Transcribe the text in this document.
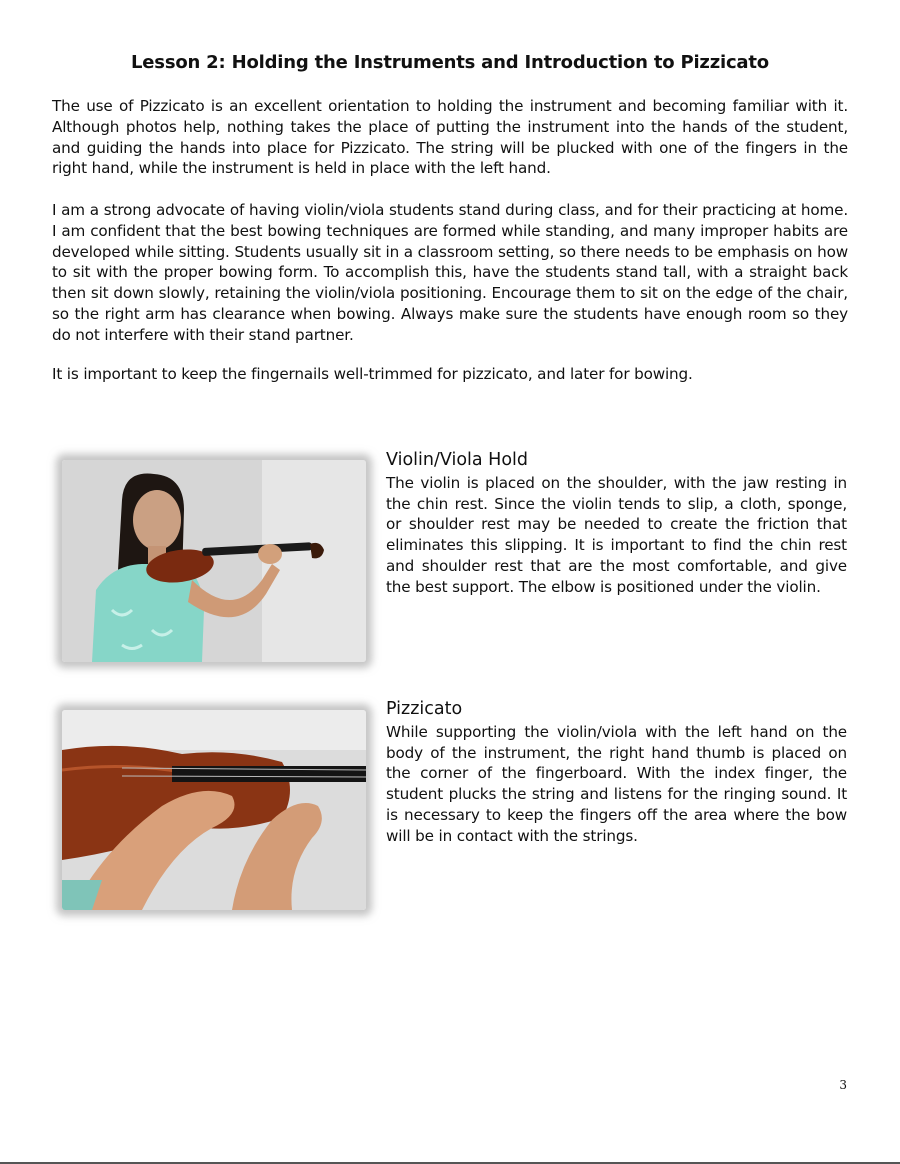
Lesson 2: Holding the Instruments and Introduction to Pizzicato

The use of Pizzicato is an excellent orientation to holding the instrument and becoming familiar with it. Although photos help, nothing takes the place of putting the instrument into the hands of the student, and guiding the hands into place for Pizzicato. The string will be plucked with one of the fingers in the right hand, while the instrument is held in place with the left hand.

I am a strong advocate of having violin/viola students stand during class, and for their practicing at home. I am confident that the best bowing techniques are formed while standing, and many improper habits are developed while sitting. Students usually sit in a classroom setting, so there needs to be emphasis on how to sit with the proper bowing form. To accomplish this, have the students stand tall, with a straight back then sit down slowly, retaining the violin/viola positioning. Encourage them to sit on the edge of the chair, so the right arm has clearance when bowing. Always make sure the students have enough room so they do not interfere with their stand partner.

It is important to keep the fingernails well-trimmed for pizzicato, and later for bowing.

Violin/Viola Hold

The violin is placed on the shoulder, with the jaw resting in the chin rest. Since the violin tends to slip, a cloth, sponge, or shoulder rest may be needed to create the friction that eliminates this slipping. It is important to find the chin rest and shoulder rest that are the most comfortable, and give the best support. The elbow is positioned under the violin.

Pizzicato

While supporting the violin/viola with the left hand on the body of the instrument, the right hand thumb is placed on the corner of the fingerboard. With the index finger, the student plucks the string and listens for the ringing sound. It is necessary to keep the fingers off the area where the bow will be in contact with the strings.

3
